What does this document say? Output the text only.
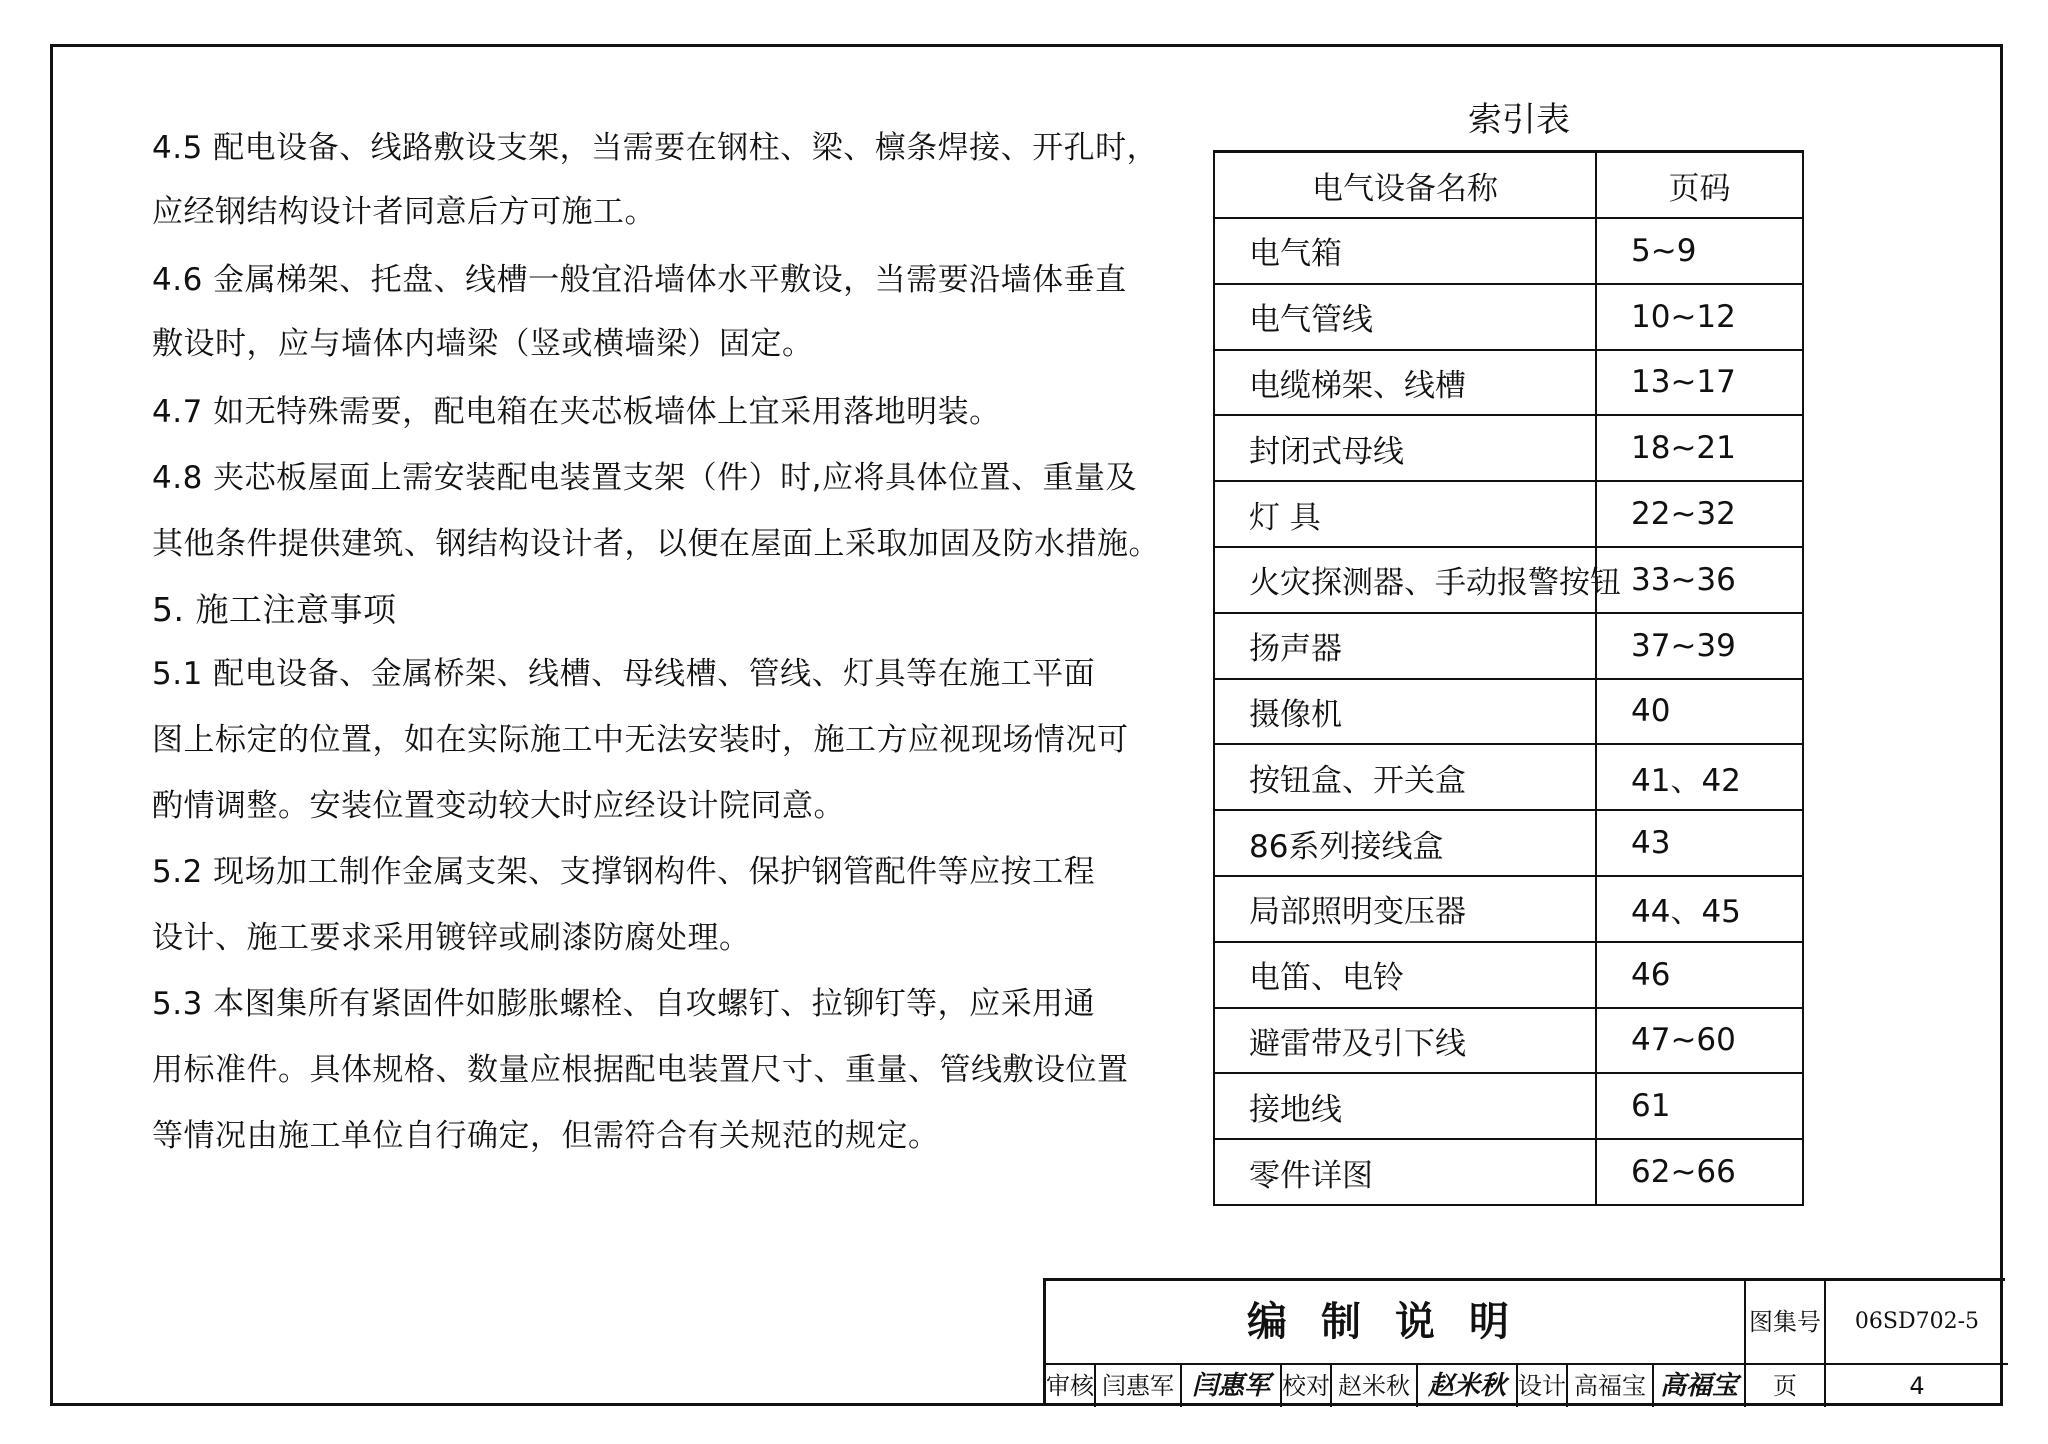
4.5 配电设备、线路敷设支架，当需要在钢柱、梁、檩条焊接、开孔时，
应经钢结构设计者同意后方可施工。
4.6 金属梯架、托盘、线槽一般宜沿墙体水平敷设，当需要沿墙体垂直
敷设时，应与墙体内墙梁（竖或横墙梁）固定。
4.7 如无特殊需要，配电箱在夹芯板墙体上宜采用落地明装。
4.8 夹芯板屋面上需安装配电装置支架（件）时,应将具体位置、重量及
其他条件提供建筑、钢结构设计者，以便在屋面上采取加固及防水措施。
5. 施工注意事项
5.1 配电设备、金属桥架、线槽、母线槽、管线、灯具等在施工平面
图上标定的位置，如在实际施工中无法安装时，施工方应视现场情况可
酌情调整。安装位置变动较大时应经设计院同意。
5.2 现场加工制作金属支架、支撑钢构件、保护钢管配件等应按工程
设计、施工要求采用镀锌或刷漆防腐处理。
5.3 本图集所有紧固件如膨胀螺栓、自攻螺钉、拉铆钉等，应采用通
用标准件。具体规格、数量应根据配电装置尺寸、重量、管线敷设位置
等情况由施工单位自行确定，但需符合有关规范的规定。
索引表
电气设备名称	页码
电气箱	5~9
电气管线	10~12
电缆梯架、线槽	13~17
封闭式母线	18~21
灯 具	22~32
火灾探测器、手动报警按钮	33~36
扬声器	37~39
摄像机	40
按钮盒、开关盒	41、42
86系列接线盒	43
局部照明变压器	44、45
电笛、电铃	46
避雷带及引下线	47~60
接地线	61
零件详图	62~66
编制说明	图集号	06SD702-5
审核 闫惠军 闫惠军 校对 赵米秋 赵米秋 设计 高福宝 高福宝	页	4
